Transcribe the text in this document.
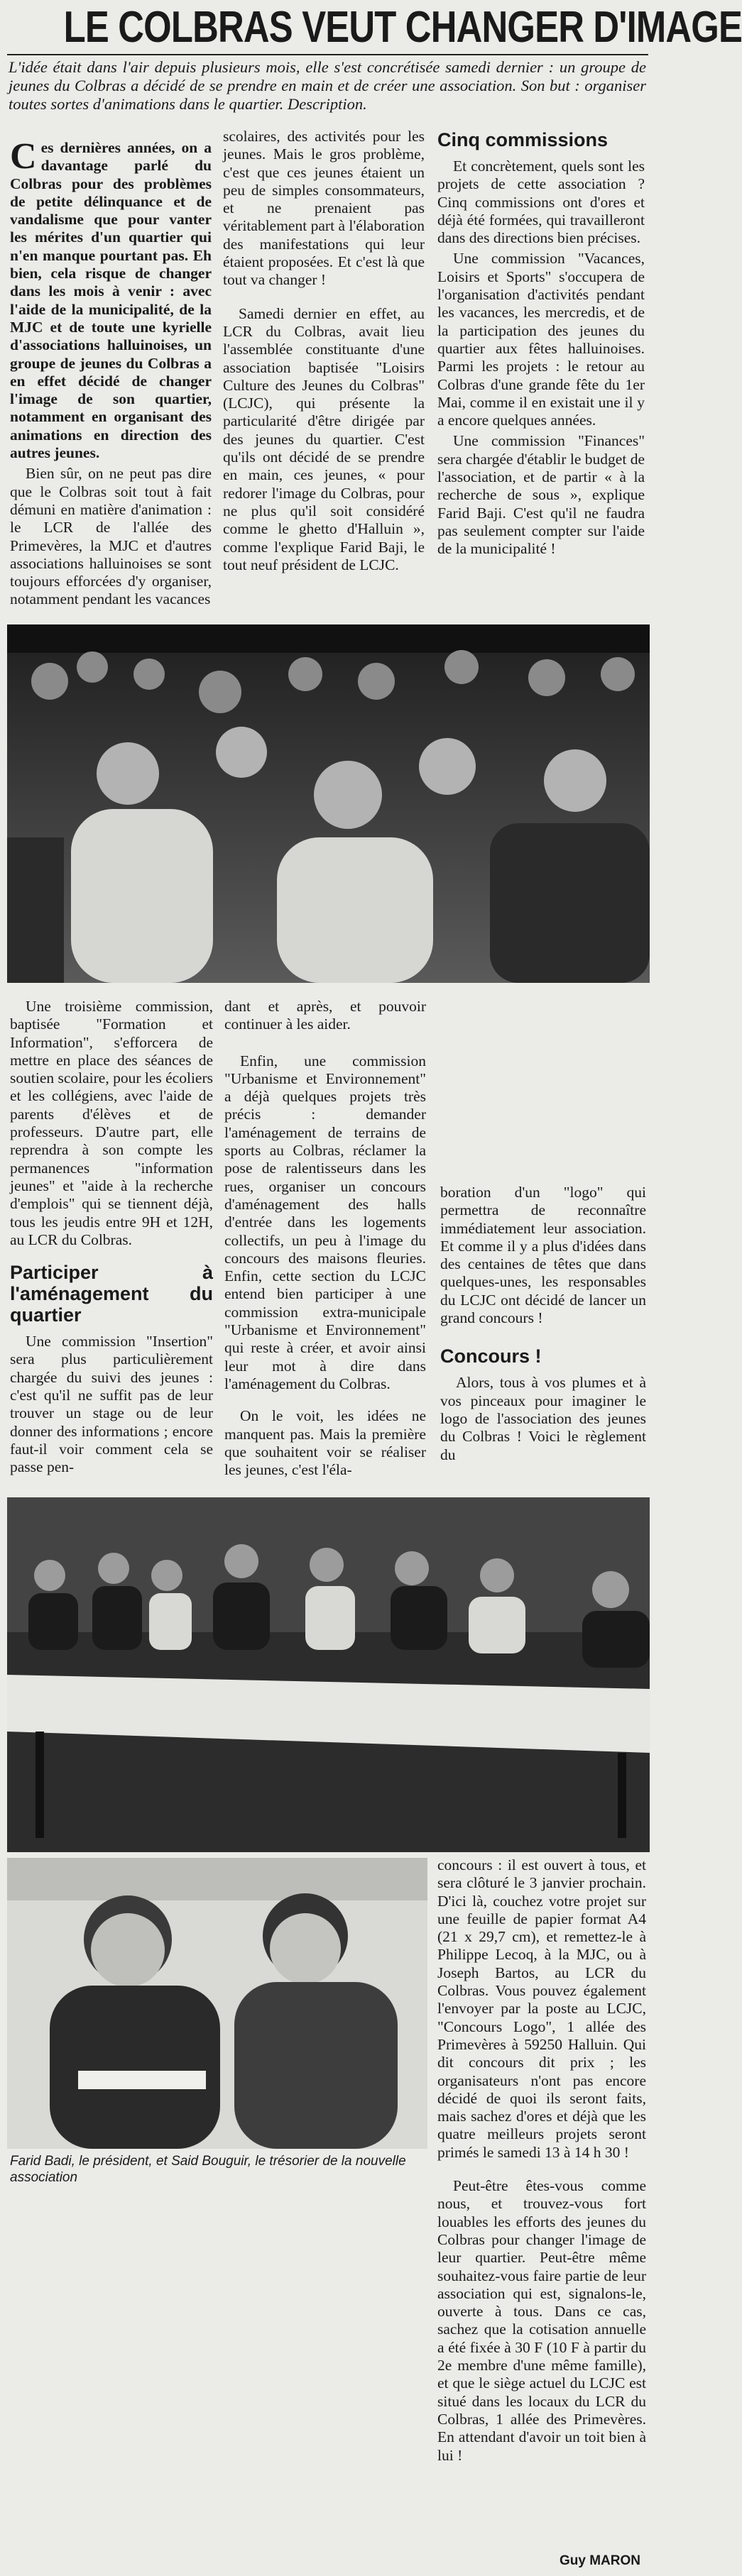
LE COLBRAS VEUT CHANGER D'IMAGE
L'idée était dans l'air depuis plusieurs mois, elle s'est concrétisée samedi dernier : un groupe de jeunes du Colbras a décidé de se prendre en main et de créer une association. Son but : organiser toutes sortes d'animations dans le quartier. Description.

Ces dernières années, on a davantage parlé du Colbras pour des problèmes de petite délinquance et de vandalisme que pour vanter les mérites d'un quartier qui n'en manque pourtant pas. Eh bien, cela risque de changer dans les mois à venir : avec l'aide de la municipalité, de la MJC et de toute une kyrielle d'associations halluinoises, un groupe de jeunes du Colbras a en effet décidé de changer l'image de son quartier, notamment en organisant des animations en direction des autres jeunes.

Bien sûr, on ne peut pas dire que le Colbras soit tout à fait démuni en matière d'animation : le LCR de l'allée des Primevères, la MJC et d'autres associations halluinoises se sont toujours efforcées d'y organiser, notamment pendant les vacances

scolaires, des activités pour les jeunes. Mais le gros problème, c'est que ces jeunes étaient un peu de simples consommateurs, et ne prenaient pas véritablement part à l'élaboration des manifestations qui leur étaient proposées. Et c'est là que tout va changer !

Samedi dernier en effet, au LCR du Colbras, avait lieu l'assemblée constituante d'une association baptisée "Loisirs Culture des Jeunes du Colbras" (LCJC), qui présente la particularité d'être dirigée par des jeunes du quartier. C'est qu'ils ont décidé de se prendre en main, ces jeunes, « pour redorer l'image du Colbras, pour ne plus qu'il soit considéré comme le ghetto d'Halluin », comme l'explique Farid Baji, le tout neuf président de LCJC.

Cinq commissions

Et concrètement, quels sont les projets de cette association ? Cinq commissions ont d'ores et déjà été formées, qui travailleront dans des directions bien précises.

Une commission "Vacances, Loisirs et Sports" s'occupera de l'organisation d'activités pendant les vacances, les mercredis, et de la participation des jeunes du quartier aux fêtes halluinoises. Parmi les projets : le retour au Colbras d'une grande fête du 1er Mai, comme il en existait une il y a encore quelques années.

Une commission "Finances" sera chargée d'établir le budget de l'association, et de partir « à la recherche de sous », explique Farid Baji. C'est qu'il ne faudra pas seulement compter sur l'aide de la municipalité !

Une troisième commission, baptisée "Formation et Information", s'efforcera de mettre en place des séances de soutien scolaire, pour les écoliers et les collégiens, avec l'aide de parents d'élèves et de professeurs. D'autre part, elle reprendra à son compte les permanences "information jeunes" et "aide à la recherche d'emplois" qui se tiennent déjà, tous les jeudis entre 9H et 12H, au LCR du Colbras.

Participer à l'aménagement du quartier

Une commission "Insertion" sera plus particulièrement chargée du suivi des jeunes : c'est qu'il ne suffit pas de leur trouver un stage ou de leur donner des informations ; encore faut-il voir comment cela se passe pen-

dant et après, et pouvoir continuer à les aider.

Enfin, une commission "Urbanisme et Environnement" a déjà quelques projets très précis : demander l'aménagement de terrains de sports au Colbras, réclamer la pose de ralentisseurs dans les rues, organiser un concours d'aménagement des halls d'entrée dans les logements collectifs, un peu à l'image du concours des maisons fleuries. Enfin, cette section du LCJC entend bien participer à une commission extra-municipale "Urbanisme et Environnement" qui reste à créer, et avoir ainsi leur mot à dire dans l'aménagement du Colbras.

On le voit, les idées ne manquent pas. Mais la première que souhaitent voir se réaliser les jeunes, c'est l'éla-

boration d'un "logo" qui permettra de reconnaître immédiatement leur association. Et comme il y a plus d'idées dans des centaines de têtes que dans quelques-unes, les responsables du LCJC ont décidé de lancer un grand concours !

Concours !

Alors, tous à vos plumes et à vos pinceaux pour imaginer le logo de l'association des jeunes du Colbras ! Voici le règlement du

Farid Badi, le président, et Said Bouguir, le trésorier de la nouvelle association

concours : il est ouvert à tous, et sera clôturé le 3 janvier prochain. D'ici là, couchez votre projet sur une feuille de papier format A4 (21 x 29,7 cm), et remettez-le à Philippe Lecoq, à la MJC, ou à Joseph Bartos, au LCR du Colbras. Vous pouvez également l'envoyer par la poste au LCJC, "Concours Logo", 1 allée des Primevères à 59250 Halluin. Qui dit concours dit prix ; les organisateurs n'ont pas encore décidé de quoi ils seront faits, mais sachez d'ores et déjà que les quatre meilleurs projets seront primés le samedi 13 à 14 h 30 !

Peut-être êtes-vous comme nous, et trouvez-vous fort louables les efforts des jeunes du Colbras pour changer l'image de leur quartier. Peut-être même souhaitez-vous faire partie de leur association qui est, signalons-le, ouverte à tous. Dans ce cas, sachez que la cotisation annuelle a été fixée à 30 F (10 F à partir du 2e membre d'une même famille), et que le siège actuel du LCJC est situé dans les locaux du LCR du Colbras, 1 allée des Primevères. En attendant d'avoir un toit bien à lui !

Guy MARON
